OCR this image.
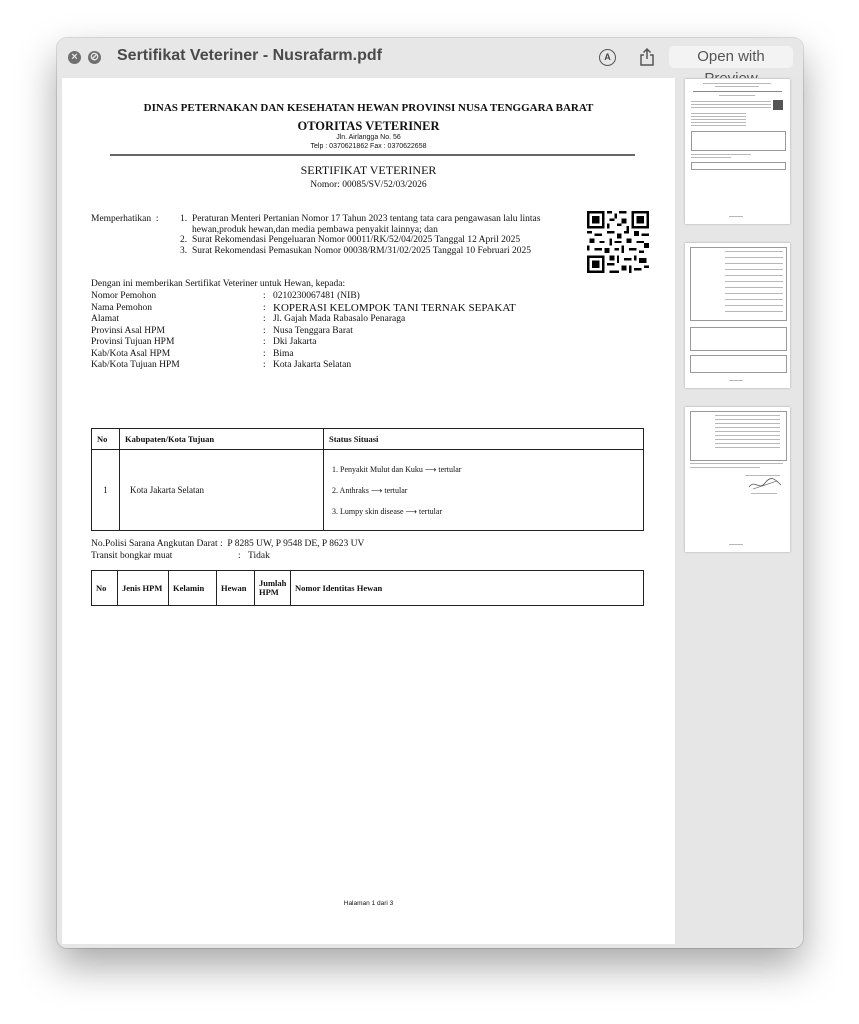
× ⊘ Sertifikat Veteriner - Nusrafarm.pdf	A	Open with
DINAS PETERNAKAN DAN KESEHATAN HEWAN PROVINSI NUSA TENGGARA BARAT
OTORITAS VETERINER
Jln. Airlangga No. 56
Telp : 0370621862 Fax : 0370622658
SERTIFIKAT VETERINER
Nomor: 00085/SV/52/03/2026
Memperhatikan : 1. Peraturan Menteri Pertanian Nomor 17 Tahun 2023 tentang tata cara pengawasan lalu lintas hewan,produk hewan,dan media pembawa penyakit lainnya; dan
2. Surat Rekomendasi Pengeluaran Nomor 00011/RK/52/04/2025 Tanggal 12 April 2025
3. Surat Rekomendasi Pemasukan Nomor 00038/RM/31/02/2025 Tanggal 10 Februari 2025
Dengan ini memberikan Sertifikat Veteriner untuk Hewan, kepada:
Nomor Pemohon	: 0210230067481 (NIB)
Nama Pemohon	: KOPERASI KELOMPOK TANI TERNAK SEPAKAT
Alamat	: Jl. Gajah Mada Rabasalo Penaraga
Provinsi Asal HPM	: Nusa Tenggara Barat
Provinsi Tujuan HPM	: Dki Jakarta
Kab/Kota Asal HPM	: Bima
Kab/Kota Tujuan HPM	: Kota Jakarta Selatan
No	Kabupaten/Kota Tujuan	Status Situasi
1	Kota Jakarta Selatan	1. Penyakit Mulut dan Kuku ⟶ tertular
2. Anthraks ⟶ tertular
3. Lumpy skin disease ⟶ tertular
No.Polisi Sarana Angkutan Darat : P 8285 UW, P 9548 DE, P 8623 UV
Transit bongkar muat	: Tidak
No	Jenis HPM	Kelamin	Hewan	Jumlah HPM	Nomor Identitas Hewan
Halaman 1 dari 3
